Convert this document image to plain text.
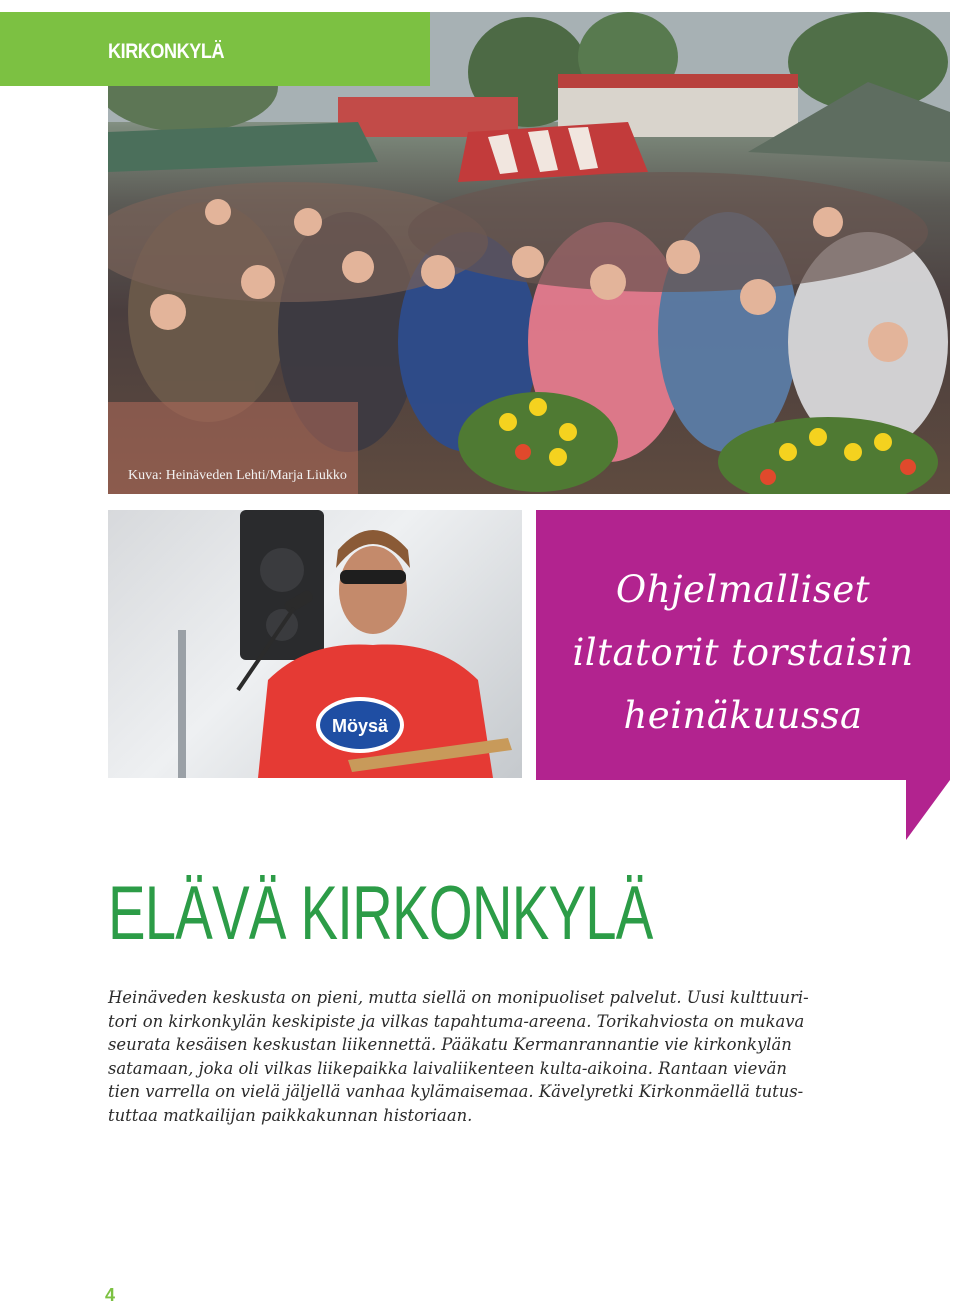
Kuva: Heinäveden Lehti/Marja Liukko
KIRKONKYLÄ
Möysä
Ohjelmalliset
iltatorit torstaisin
heinäkuussa
ELÄVÄ KIRKONKYLÄ
Heinäveden keskusta on pieni, mutta siellä on monipuoliset palvelut. Uusi kulttuuri-
tori on kirkonkylän keskipiste ja vilkas tapahtuma-areena. Torikahviosta on mukava
seurata kesäisen keskustan liikennettä. Pääkatu Kermanrannantie vie kirkonkylän
satamaan, joka oli vilkas liikepaikka laivaliikenteen kulta-aikoina. Rantaan vievän
tien varrella on vielä jäljellä vanhaa kylämaisemaa. Kävelyretki Kirkonmäellä tutus-
tuttaa matkailijan paikkakunnan historiaan.
4
